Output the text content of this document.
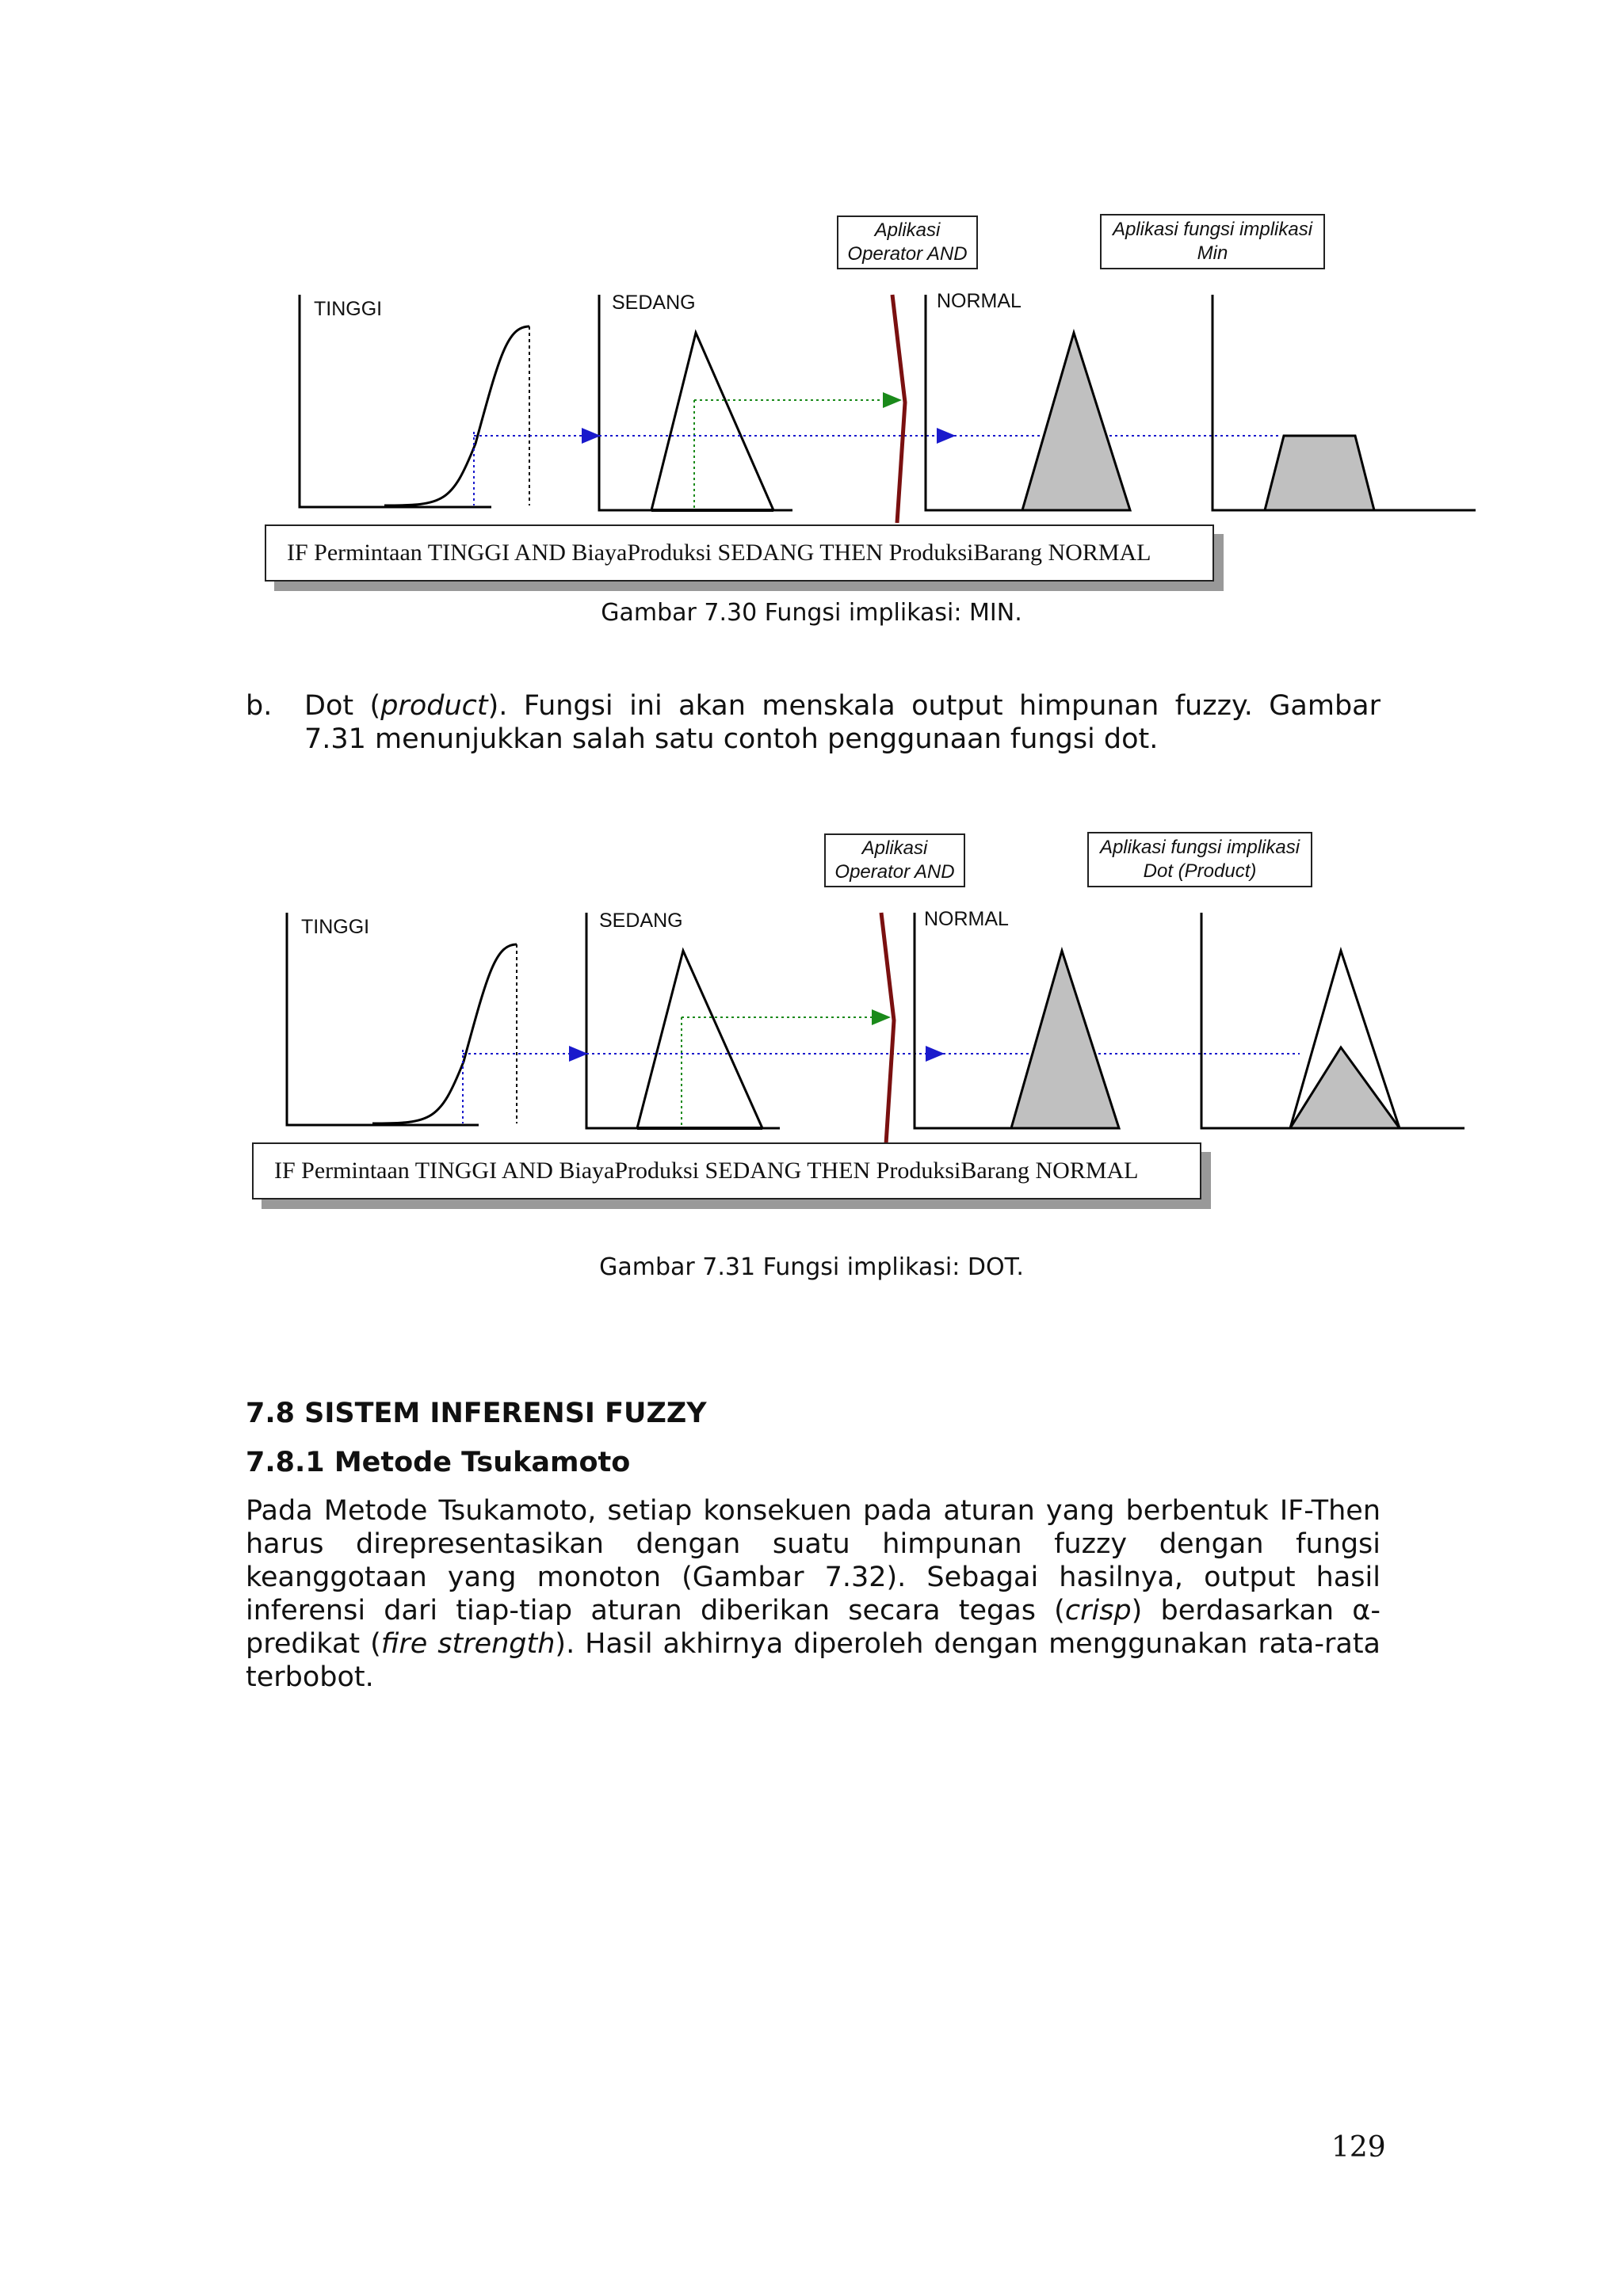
Aplikasi
Operator AND
Aplikasi fungsi implikasi
Min
TINGGI	SEDANG	NORMAL
IF Permintaan TINGGI AND BiayaProduksi SEDANG THEN ProduksiBarang NORMAL
Gambar 7.30 Fungsi implikasi: MIN.
b. Dot (product). Fungsi ini akan menskala output himpunan fuzzy. Gambar 7.31 menunjukkan salah satu contoh penggunaan fungsi dot.
Aplikasi
Operator AND
Aplikasi fungsi implikasi
Dot (Product)
TINGGI	SEDANG	NORMAL
IF Permintaan TINGGI AND BiayaProduksi SEDANG THEN ProduksiBarang NORMAL
Gambar 7.31 Fungsi implikasi: DOT.
7.8 SISTEM INFERENSI FUZZY
7.8.1 Metode Tsukamoto
Pada Metode Tsukamoto, setiap konsekuen pada aturan yang berbentuk IF-Then harus direpresentasikan dengan suatu himpunan fuzzy dengan fungsi keanggotaan yang monoton (Gambar 7.32). Sebagai hasilnya, output hasil inferensi dari tiap-tiap aturan diberikan secara tegas (crisp) berdasarkan α-predikat (fire strength). Hasil akhirnya diperoleh dengan menggunakan rata-rata terbobot.
129
